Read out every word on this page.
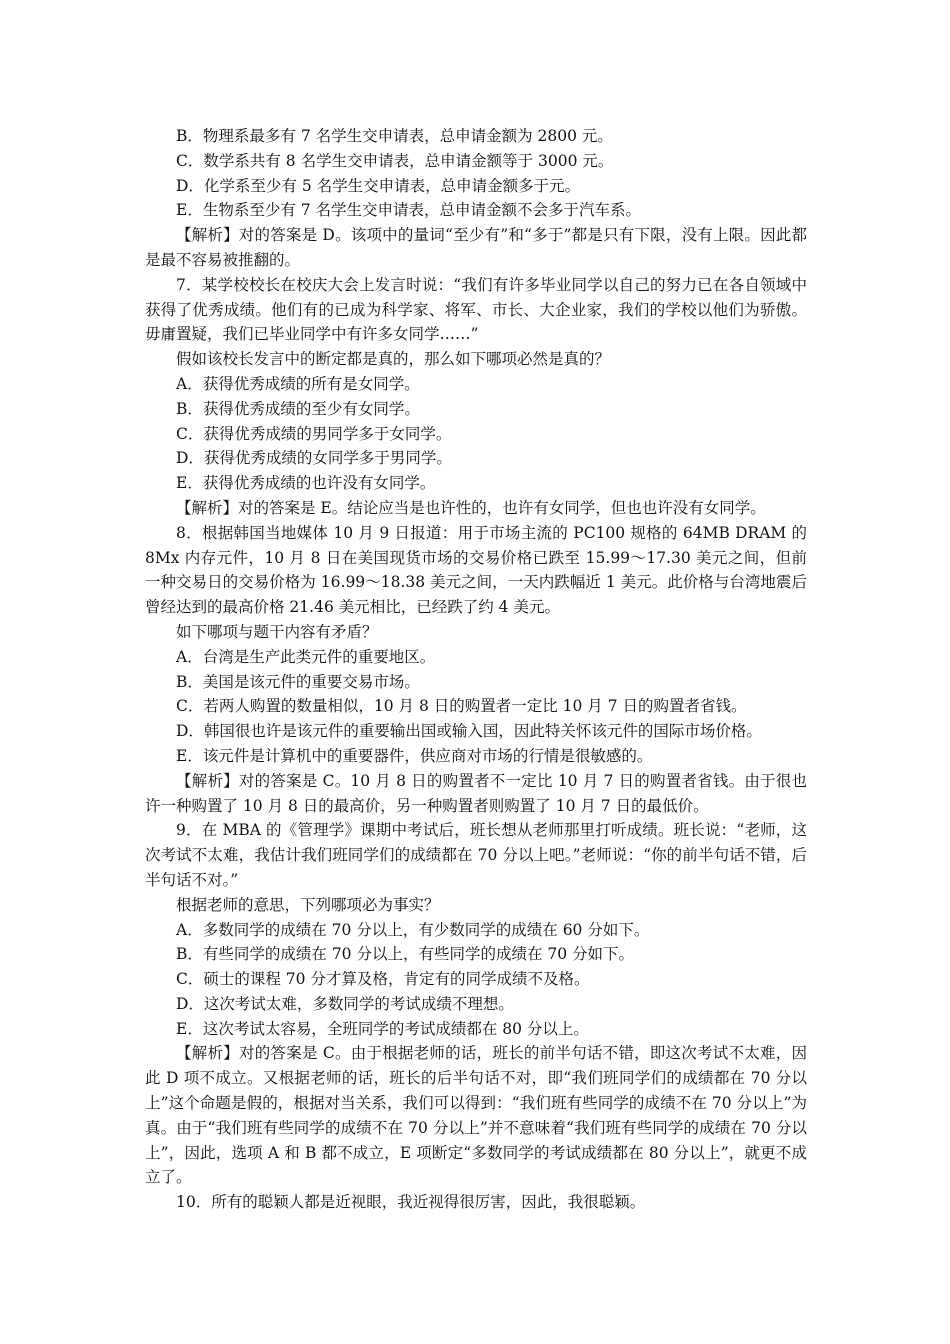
B．物理系最多有 7 名学生交申请表，总申请金额为 2800 元。
C．数学系共有 8 名学生交申请表，总申请金额等于 3000 元。
D．化学系至少有 5 名学生交申请表，总申请金额多于元。
E．生物系至少有 7 名学生交申请表，总申请金额不会多于汽车系。
【解析】对的答案是 D。该项中的量词“至少有”和“多于”都是只有下限，没有上限。因此都是最不容易被推翻的。
7．某学校校长在校庆大会上发言时说：“我们有许多毕业同学以自己的努力已在各自领域中获得了优秀成绩。他们有的已成为科学家、将军、市长、大企业家，我们的学校以他们为骄傲。毋庸置疑，我们已毕业同学中有许多女同学……”
假如该校长发言中的断定都是真的，那么如下哪项必然是真的？
A．获得优秀成绩的所有是女同学。
B．获得优秀成绩的至少有女同学。
C．获得优秀成绩的男同学多于女同学。
D．获得优秀成绩的女同学多于男同学。
E．获得优秀成绩的也许没有女同学。
【解析】对的答案是 E。结论应当是也许性的，也许有女同学，但也也许没有女同学。
8．根据韩国当地媒体 10 月 9 日报道：用于市场主流的 PC100 规格的 64MB DRAM 的 8Mx 内存元件，10 月 8 日在美国现货市场的交易价格已跌至 15.99～17.30 美元之间，但前一种交易日的交易价格为 16.99～18.38 美元之间，一天内跌幅近 1 美元。此价格与台湾地震后曾经达到的最高价格 21.46 美元相比，已经跌了约 4 美元。
如下哪项与题干内容有矛盾？
A．台湾是生产此类元件的重要地区。
B．美国是该元件的重要交易市场。
C．若两人购置的数量相似，10 月 8 日的购置者一定比 10 月 7 日的购置者省钱。
D．韩国很也许是该元件的重要输出国或输入国，因此特关怀该元件的国际市场价格。
E．该元件是计算机中的重要器件，供应商对市场的行情是很敏感的。
【解析】对的答案是 C。10 月 8 日的购置者不一定比 10 月 7 日的购置者省钱。由于很也许一种购置了 10 月 8 日的最高价，另一种购置者则购置了 10 月 7 日的最低价。
9．在 MBA 的《管理学》课期中考试后，班长想从老师那里打听成绩。班长说：“老师，这次考试不太难，我估计我们班同学们的成绩都在 70 分以上吧。”老师说：“你的前半句话不错，后半句话不对。”
根据老师的意思，下列哪项必为事实？
A．多数同学的成绩在 70 分以上，有少数同学的成绩在 60 分如下。
B．有些同学的成绩在 70 分以上，有些同学的成绩在 70 分如下。
C．硕士的课程 70 分才算及格，肯定有的同学成绩不及格。
D．这次考试太难，多数同学的考试成绩不理想。
E．这次考试太容易，全班同学的考试成绩都在 80 分以上。
【解析】对的答案是 C。由于根据老师的话，班长的前半句话不错，即这次考试不太难，因此 D 项不成立。又根据老师的话，班长的后半句话不对，即“我们班同学们的成绩都在 70 分以上”这个命题是假的，根据对当关系，我们可以得到：“我们班有些同学的成绩不在 70 分以上”为真。由于“我们班有些同学的成绩不在 70 分以上”并不意味着“我们班有些同学的成绩在 70 分以上”，因此，选项 A 和 B 都不成立，E 项断定“多数同学的考试成绩都在 80 分以上”，就更不成立了。
10．所有的聪颖人都是近视眼，我近视得很厉害，因此，我很聪颖。
